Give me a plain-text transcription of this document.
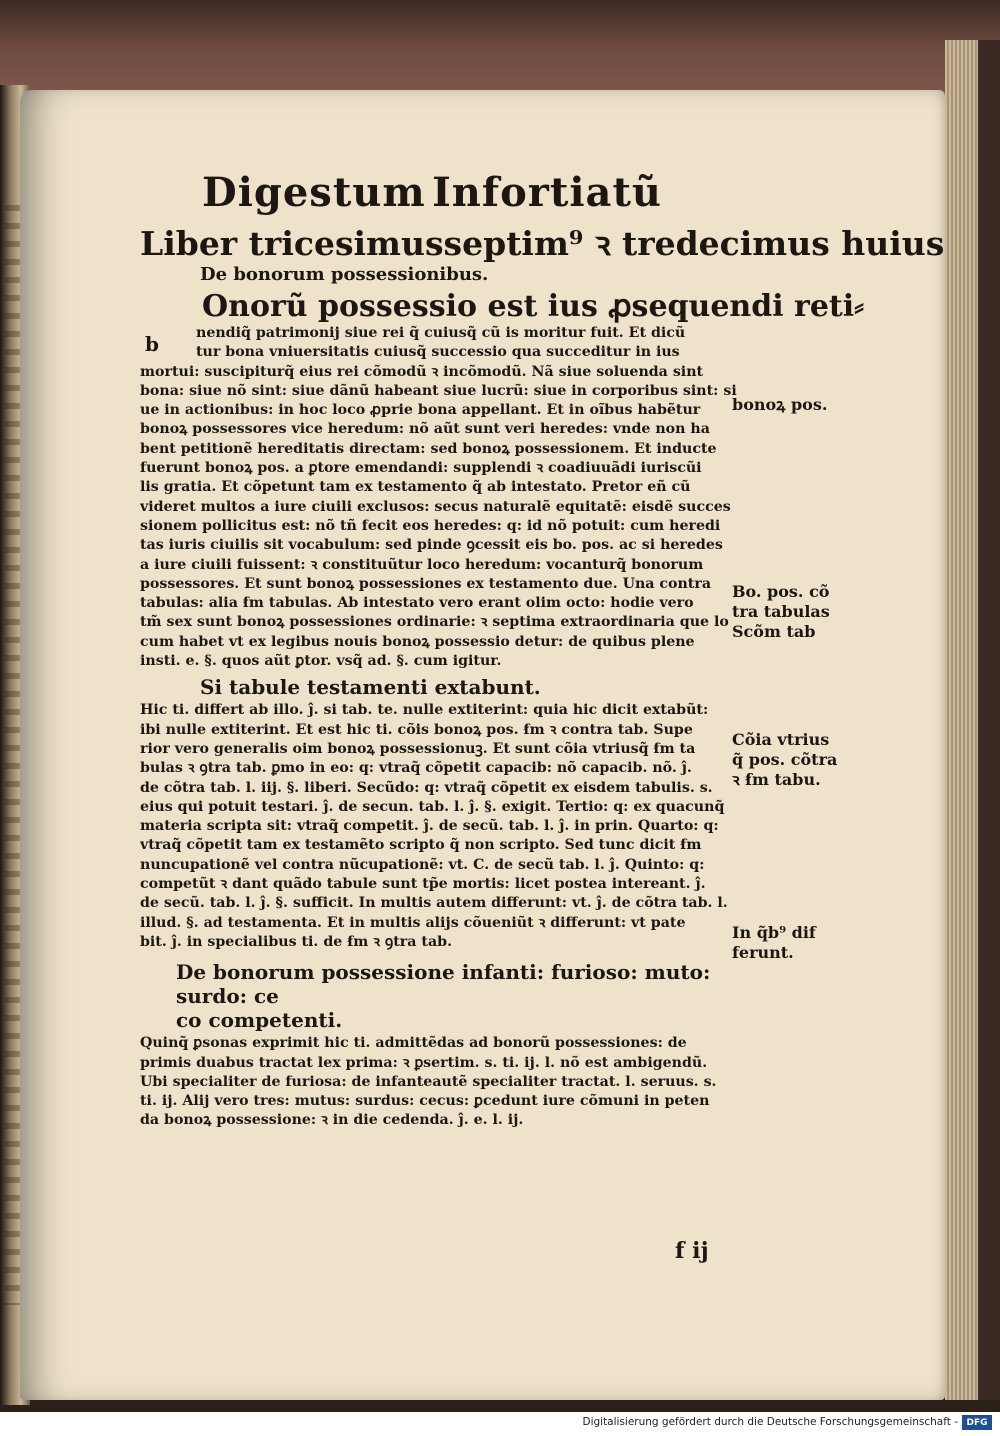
Digestum Infortiatũ
Liber tricesimusseptim⁹ ꝛ tredecimus huius
De bonorum possessionibus.
Onorũ possessio est ius ꝓsequendi reti⸗
b	nendiq̃ patrimonĳ siue rei q̃ cuiusq̃ cũ is moritur fuit. Et dicũ
tur bona vniuersitatis cuiusq̃ successio qua succeditur in ius
mortui: suscipiturq̃ eius rei cõmodũ ꝛ incõmodũ. Nã siue soluenda sint
bona: siue nõ sint: siue dãnũ habeant siue lucrũ: siue in corporibus sint: si
ue in actionibus: in hoc loco ꝓprie bona appellant. Et in oĩbus habẽtur
bonoꝝ possessores vice heredum: nõ aũt sunt veri heredes: vnde non ha
bent petitionẽ hereditatis directam: sed bonoꝝ possessionem. Et inducte
fuerunt bonoꝝ pos. a ꝑtore emendandi: supplendi ꝛ coadiuuãdi iuriscũi
lis gratia. Et cõpetunt tam ex testamento q̃ ab intestato. Pretor eñ cũ
videret multos a iure ciuili exclusos: secus naturalẽ equitatẽ: eisdẽ succes
sionem pollicitus est: nõ tñ fecit eos heredes: q: id nõ potuit: cum heredi
tas iuris ciuilis sit vocabulum: sed pinde ꝯcessit eis bo. pos. ac si heredes
a iure ciuili fuissent: ꝛ constituũtur loco heredum: vocanturq̃ bonorum
possessores. Et sunt bonoꝝ possessiones ex testamento due. Una contra
tabulas: alia ẜm tabulas. Ab intestato vero erant olim octo: hodie vero
tm̃ sex sunt bonoꝝ possessiones ordinarie: ꝛ septima extraordinaria que lo
cum habet vt ex legibus nouis bonoꝝ possessio detur: de quibus plene
insti. e. §. quos aũt ꝑtor. vsq̃ ad. §. cum igitur.
Si tabule testamenti extabunt.
Hic ti. differt ab illo. ĵ. si tab. te. nulle extiterint: quia hic dicit extabũt:
ibi nulle extiterint. Et est hic ti. cõis bonoꝝ pos. ẜm ꝛ contra tab. Supe
rior vero generalis oim bonoꝝ possessionuꝫ. Et sunt cõia vtriusq̃ ẜm ta
bulas ꝛ ꝯtra tab. ꝑmo in eo: q: vtraq̃ cõpetit capacib: nõ capacib. nõ. ĵ.
de cõtra tab. l. iĳ. §. liberi. Secũdo: q: vtraq̃ cõpetit ex eisdem tabulis. s.
eius qui potuit testari. ĵ. de secun. tab. l. ĵ. §. exigit. Tertio: q: ex quacunq̃
materia scripta sit: vtraq̃ competit. ĵ. de secũ. tab. l. ĵ. in prin. Quarto: q:
vtraq̃ cõpetit tam ex testamẽto scripto q̃ non scripto. Sed tunc dicit ẜm
nuncupationẽ vel contra nũcupationẽ: vt. C. de secũ tab. l. ĵ. Quinto: q:
competũt ꝛ dant quãdo tabule sunt tp̃e mortis: licet postea intereant. ĵ.
de secũ. tab. l. ĵ. §. sufficit. In multis autem differunt: vt. ĵ. de cõtra tab. l.
illud. §. ad testamenta. Et in multis alĳs cõueniũt ꝛ differunt: vt pate
bit. ĵ. in specialibus ti. de ẜm ꝛ ꝯtra tab.
De bonorum possessione infanti: furioso: muto: surdo: ce
co competenti.
Quinq̃ ꝑsonas exprimit hic ti. admittẽdas ad bonorũ possessiones: de
primis duabus tractat lex prima: ꝛ ꝑsertim. s. ti. ĳ. l. nõ est ambigendũ.
Ubi specialiter de furiosa: de infanteautẽ specialiter tractat. l. seruus. s.
ti. ĳ. Alĳ vero tres: mutus: surdus: cecus: ꝑcedunt iure cõmuni in peten
da bonoꝝ possessione: ꝛ in die cedenda. ĵ. e. l. ĳ.
bonoꝝ pos.
Bo. pos. cõ
tra tabulas
Scõm tab
Cõia vtrius
q̃ pos. cõtra
ꝛ ẜm tabu.
In q̃b⁹ dif
ferunt.
f ĳ
Digitalisierung gefördert durch die Deutsche Forschungsgemeinschaft - DFG
